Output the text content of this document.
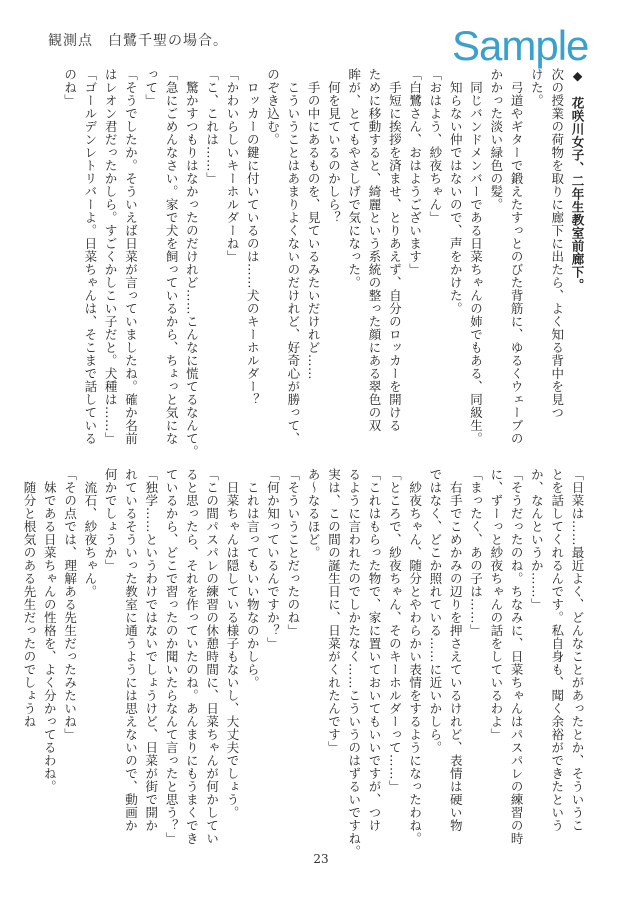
観測点　白鷺千聖の場合。	Sample

◆　花咲川女子、二年生教室前廊下。

次の授業の荷物を取りに廊下に出たら、よく知る背中を見つ

けた。

　弓道やギターで鍛えたすっとのびた背筋に、ゆるくウェーブの

かかった淡い緑色の髪。

　同じバンドメンバーである日菜ちゃんの姉でもある、同級生。

　知らない仲ではないので、声をかけた。

「おはよう、紗夜ちゃん」

「白鷺さん、おはようございます」

　手短に挨拶を済ませ、とりあえず、自分のロッカーを開ける

ために移動すると、綺麗という系統の整った顔にある翠色の双

眸が、とてもやさしげで気になった。

　何を見ているのかしら？

　手の中にあるものを、見ているみたいだけれど……

　こういうことはあまりよくないのだけれど、好奇心が勝って、

のぞき込む。

　ロッカーの鍵に付いているのは……犬のキーホルダー？

「かわいらしいキーホルダーね」

「こ、これは……」

　驚かすつもりはなかったのだけれど……こんなに慌てるなんて。

「急にごめんなさい。家で犬を飼っているから、ちょっと気にな

って」

「そうでしたか。そういえば日菜が言っていましたね。確か名前

はレオン君だったかしら。すごくかしこい子だと。犬種は……」

「ゴールデンレトリバーよ。日菜ちゃんは、そこまで話している

のね」

「日菜は……最近よく、どんなことがあったとか、そういうこ

とを話してくれるんです。私自身も、聞く余裕ができたという

か、なんというか……」

「そうだったのね。ちなみに、日菜ちゃんはパスパレの練習の時

に、ずーっと紗夜ちゃんの話をしているわよ」

「まったく、あの子は……」

　右手でこめかみの辺りを押さえているけれど、表情は硬い物

ではなく、どこか照れている……に近いかしら。

　紗夜ちゃん、随分とやわらかい表情をするようになったわね。

「ところで、紗夜ちゃん、そのキーホルダーって……」

「これはもらった物で、家に置いておいてもいいですが、つけ

るように言われたのでしかたなく……こういうのはずるいですね。

実は、この間の誕生日に、日菜がくれたんです」

あ～なるほど。

「そういうことだったのね」

「何か知っているんですか？」

　これは言ってもいい物なのかしら。

　日菜ちゃんは隠している様子もないし、大丈夫でしょう。

「この間パスパレの練習の休憩時間に、日菜ちゃんが何かしてい

ると思ったら、それを作っていたのね。あんまりにもうまくでき

ているから、どこで習ったのか聞いたらなんて言ったと思う？」

「独学……というわけではないでしょうけど、日菜が街で開か

れているそういった教室に通うようには思えないので、動画か

何かでしょうか」

　流石、紗夜ちゃん。

「その点では、理解ある先生だったみたいね」

　妹である日菜ちゃんの性格を、よく分かってるわね。

　随分と根気のある先生だったのでしょうね

23
